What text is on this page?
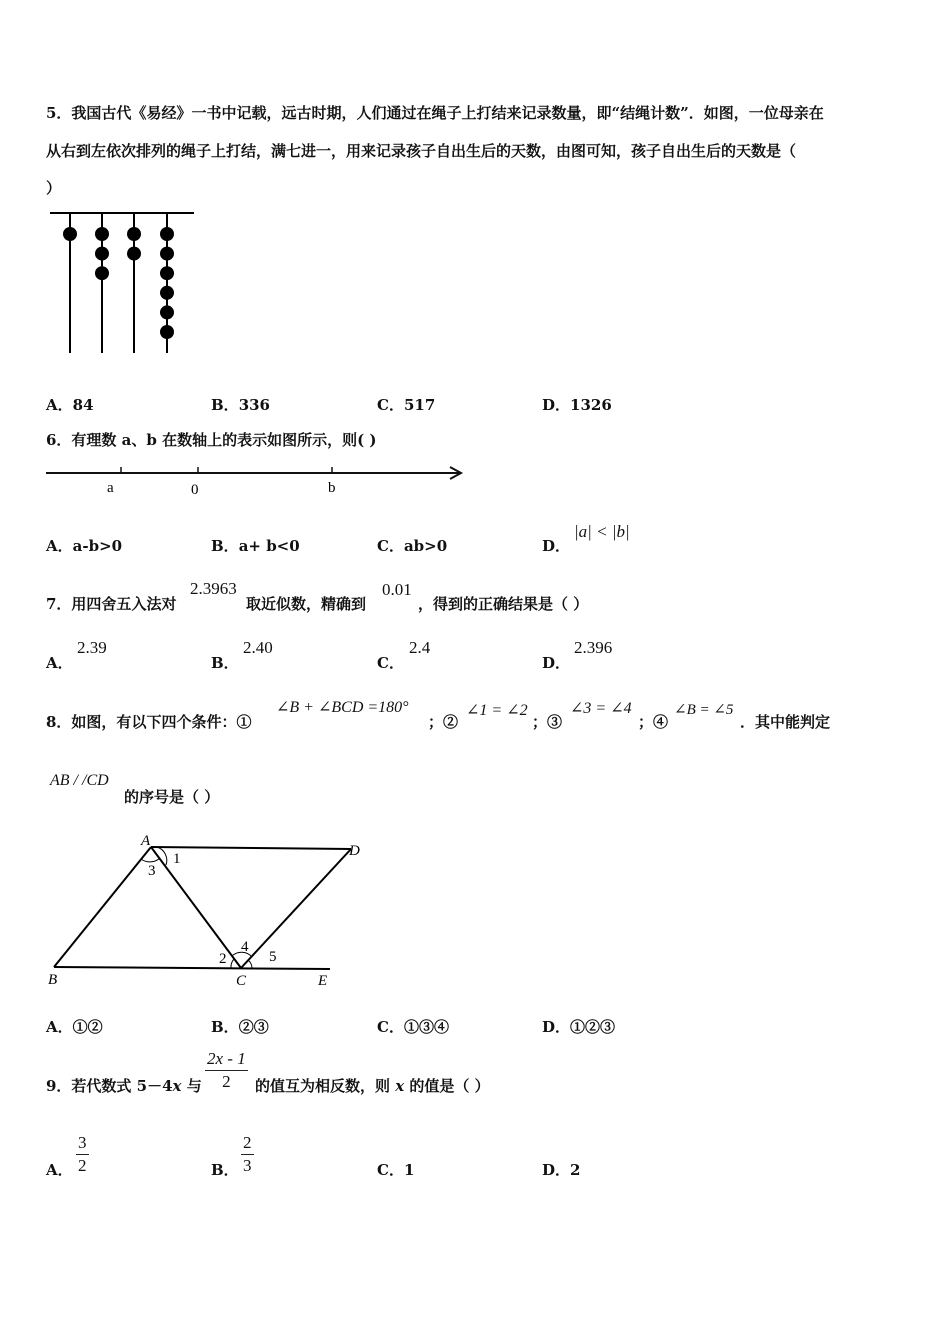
5．我国古代《易经》一书中记载，远古时期，人们通过在绳子上打结来记录数量，即“结绳计数”．如图，一位母亲在
从右到左依次排列的绳子上打结，满七进一，用来记录孩子自出生后的天数，由图可知，孩子自出生后的天数是（
）
A．84	B．336	C．517	D．1326
6．有理数 a、b 在数轴上的表示如图所示，则( )
a	0	b
A．a-b>0	B．a+ b<0	C．ab>0	D．
|a| < |b|
7．用四舍五入法对
2.3963
取近似数，精确到
0.01
，得到的正确结果是（ ）
A．
2.39
B．
2.40
C．
2.4
D．
2.396
8．如图，有以下四个条件：①
∠B + ∠BCD =180°
；②
∠1 = ∠2
；③
∠3 = ∠4
；④
∠B = ∠5
．其中能判定
AB / /CD
的序号是（ ）
A
B	C
D
E
1
3
4
2	5
A．①②	B．②③	C．①③④	D．①②③
9．若代数式 5－4x 与 $\frac{2x - 1}{2}$ 的值互为相反数，则 x 的值是（ ）
A． $\frac{3}{2}$	B． $\frac{2}{3}$	C．1	D．2
